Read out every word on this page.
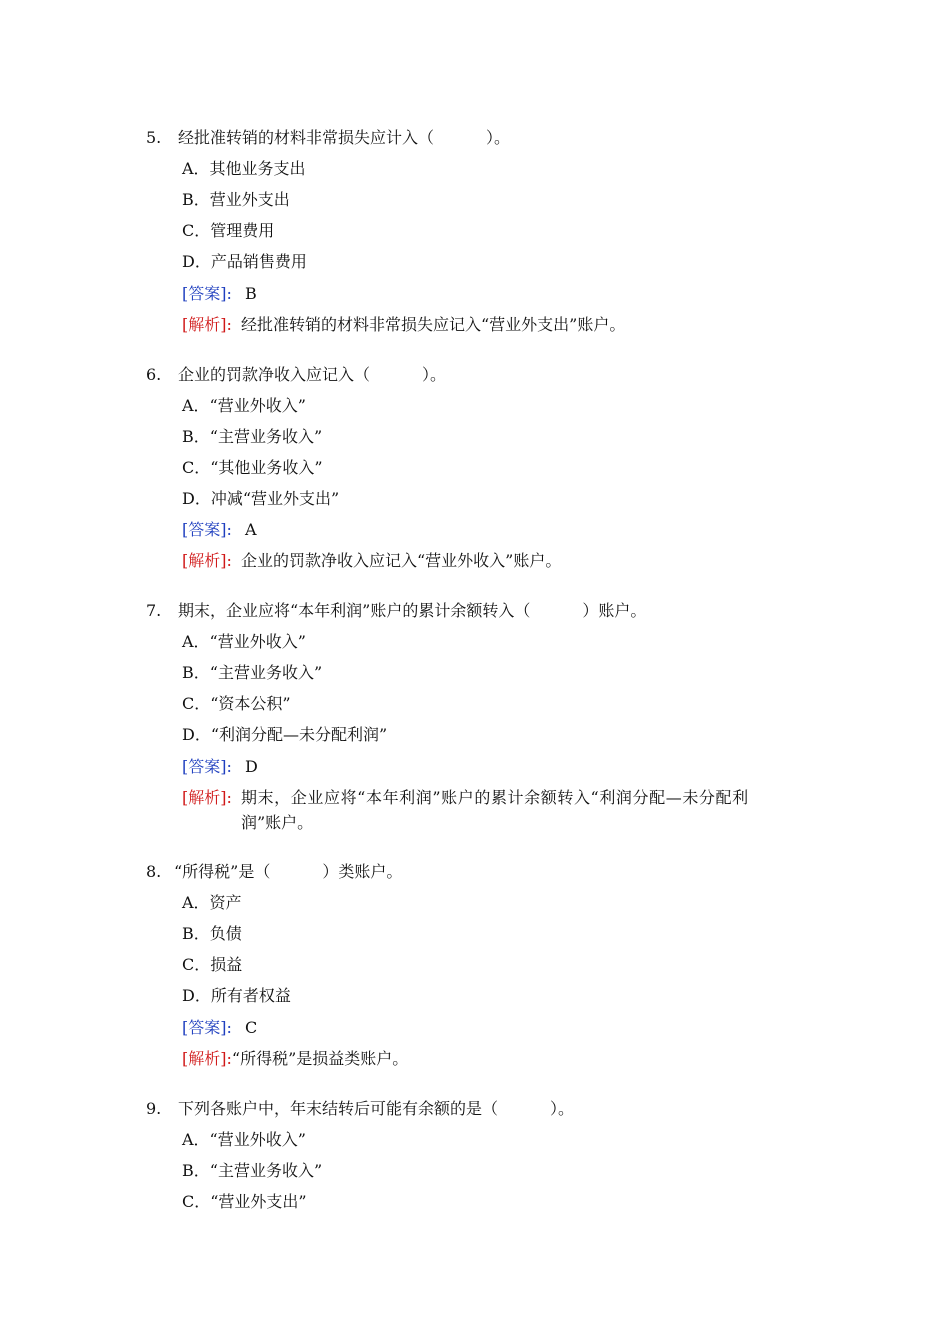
5. 经批准转销的材料非常损失应计入（	）。
A．其他业务支出
B．营业外支出
C．管理费用
D．产品销售费用
[答案]: B
[解析]: 经批准转销的材料非常损失应记入“营业外支出”账户。
6. 企业的罚款净收入应记入（	）。
A．“营业外收入”
B．“主营业务收入”
C．“其他业务收入”
D．冲减“营业外支出”
[答案]: A
[解析]: 企业的罚款净收入应记入“营业外收入”账户。
7. 期末，企业应将“本年利润”账户的累计余额转入（	）账户。
A．“营业外收入”
B．“主营业务收入”
C．“资本公积”
D．“利润分配—未分配利润”
[答案]: D
[解析]: 期末，企业应将“本年利润”账户的累计余额转入“利润分配—未分配利
润”账户。
8. “所得税”是（	）类账户。
A．资产
B．负债
C．损益
D．所有者权益
[答案]: C
[解析]:“所得税”是损益类账户。
9. 下列各账户中，年末结转后可能有余额的是（	）。
A．“营业外收入”
B．“主营业务收入”
C．“营业外支出”
